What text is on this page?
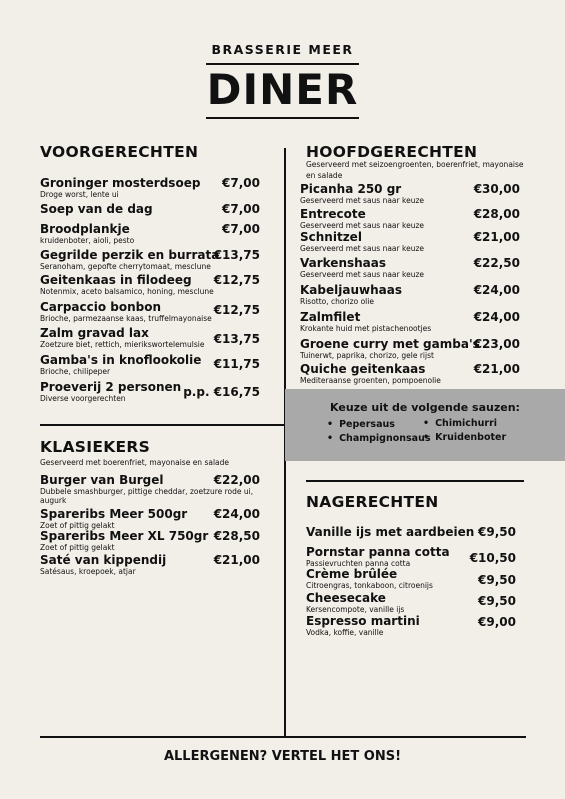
BRASSERIE MEER
DINER
VOORGERECHTEN
Groninger mosterdsoep
Droge worst, lente ui
€7,00
Soep van de dag	€7,00
Broodplankje
kruidenboter, aioli, pesto
€7,00
Gegrilde perzik en burrata
Seranoham, gepofte cherrytomaat, mesclune
€13,75
Geitenkaas in filodeeg
Notenmix, aceto balsamico, honing, mesclune
€12,75
Carpaccio bonbon
Brioche, parmezaanse kaas, truffelmayonaise
€12,75
Zalm gravad lax
Zoetzure biet, rettich, mierikswortelemulsie €13,75
Gamba's in knoflookolie
Brioche, chilipeper
€11,75
Proeverij 2 personen
Diverse voorgerechten	p.p. €16,75
KLASIEKERS
Geserveerd met boerenfriet, mayonaise en salade
Burger van Burgel
Dubbele smashburger, pittige cheddar, zoetzure rode ui,
augurk
€22,00
Spareribs Meer 500gr
Zoet of pittig gelakt
€24,00
Spareribs Meer XL 750gr
Zoet of pittig gelakt
€28,50
Saté van kippendij
Satésaus, kroepoek, atjar
€21,00
HOOFDGERECHTEN
Geserveerd met seizoengroenten, boerenfriet, mayonaise
en salade
Picanha 250 gr
Geserveerd met saus naar keuze
€30,00
Entrecote
Geserveerd met saus naar keuze
€28,00
Schnitzel
Geserveerd met saus naar keuze
€21,00
Varkenshaas
Geserveerd met saus naar keuze
€22,50
Kabeljauwhaas
Risotto, chorizo olie
€24,00
Zalmfilet
Krokante huid met pistachenootjes
€24,00
Groene curry met gamba's
Tuinerwt, paprika, chorizo, gele rijst
€23,00
Quiche geitenkaas
Mediteraanse groenten, pompoenolie
€21,00
Keuze uit de volgende sauzen:
• Pepersaus	• Chimichurri
• Champignonsaus • Kruidenboter
NAGERECHTEN
Vanille ijs met aardbeien €9,50
Pornstar panna cotta
Passievruchten panna cotta	€10,50
Crème brûlée
Citroengras, tonkaboon, citroenijs	€9,50
Cheesecake
Kersencompote, vanille ijs
€9,50
Espresso martini
Vodka, koffie, vanille
€9,00
ALLERGENEN? VERTEL HET ONS!
